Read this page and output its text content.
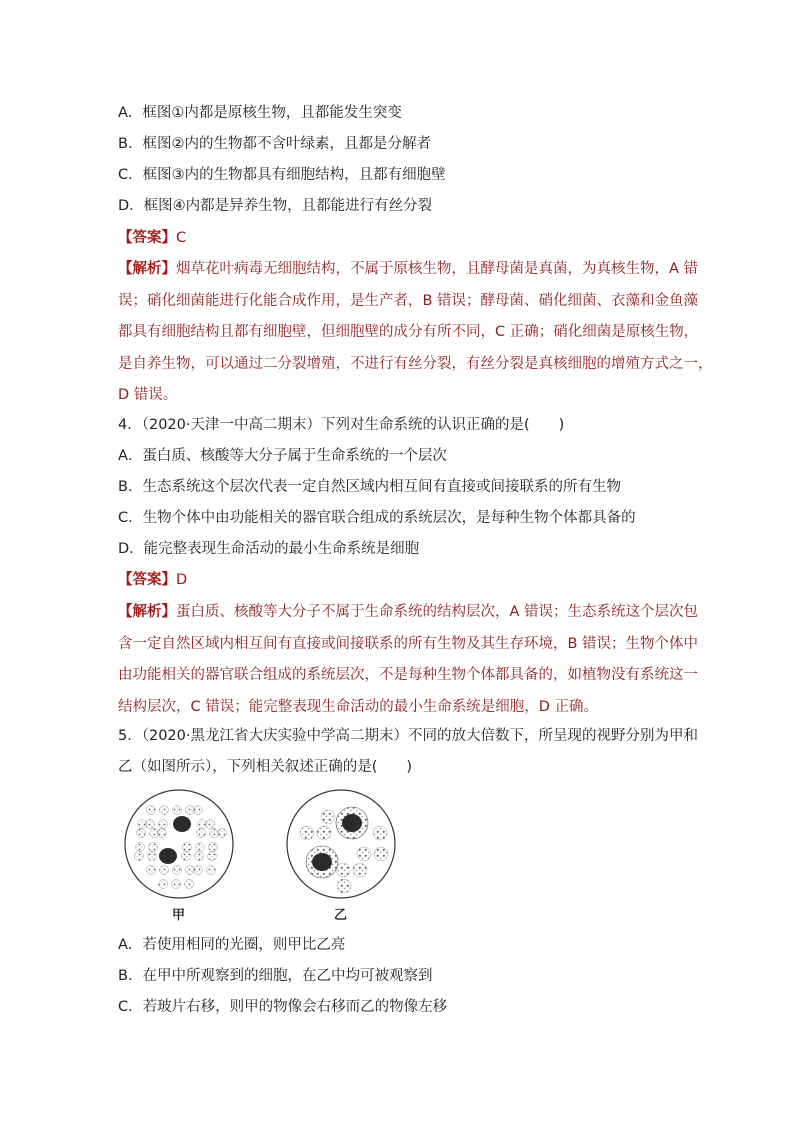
A．框图①内都是原核生物，且都能发生突变
B．框图②内的生物都不含叶绿素，且都是分解者
C．框图③内的生物都具有细胞结构，且都有细胞壁
D．框图④内都是异养生物，且都能进行有丝分裂
【答案】C
【解析】烟草花叶病毒无细胞结构，不属于原核生物，且酵母菌是真菌，为真核生物，A 错
误；硝化细菌能进行化能合成作用，是生产者，B 错误；酵母菌、硝化细菌、衣藻和金鱼藻
都具有细胞结构且都有细胞壁，但细胞壁的成分有所不同，C 正确；硝化细菌是原核生物，
是自养生物，可以通过二分裂增殖，不进行有丝分裂，有丝分裂是真核细胞的增殖方式之一，
D 错误。
4．（2020·天津一中高二期末）下列对生命系统的认识正确的是(　　)
A．蛋白质、核酸等大分子属于生命系统的一个层次
B．生态系统这个层次代表一定自然区域内相互间有直接或间接联系的所有生物
C．生物个体中由功能相关的器官联合组成的系统层次，是每种生物个体都具备的
D．能完整表现生命活动的最小生命系统是细胞
【答案】D
【解析】蛋白质、核酸等大分子不属于生命系统的结构层次，A 错误；生态系统这个层次包
含一定自然区域内相互间有直接或间接联系的所有生物及其生存环境，B 错误；生物个体中
由功能相关的器官联合组成的系统层次，不是每种生物个体都具备的，如植物没有系统这一
结构层次，C 错误；能完整表现生命活动的最小生命系统是细胞，D 正确。
5．（2020·黑龙江省大庆实验中学高二期末）不同的放大倍数下，所呈现的视野分别为甲和
乙（如图所示），下列相关叙述正确的是(　　)
甲	乙
A．若使用相同的光圈，则甲比乙亮
B．在甲中所观察到的细胞，在乙中均可被观察到
C．若玻片右移，则甲的物像会右移而乙的物像左移
